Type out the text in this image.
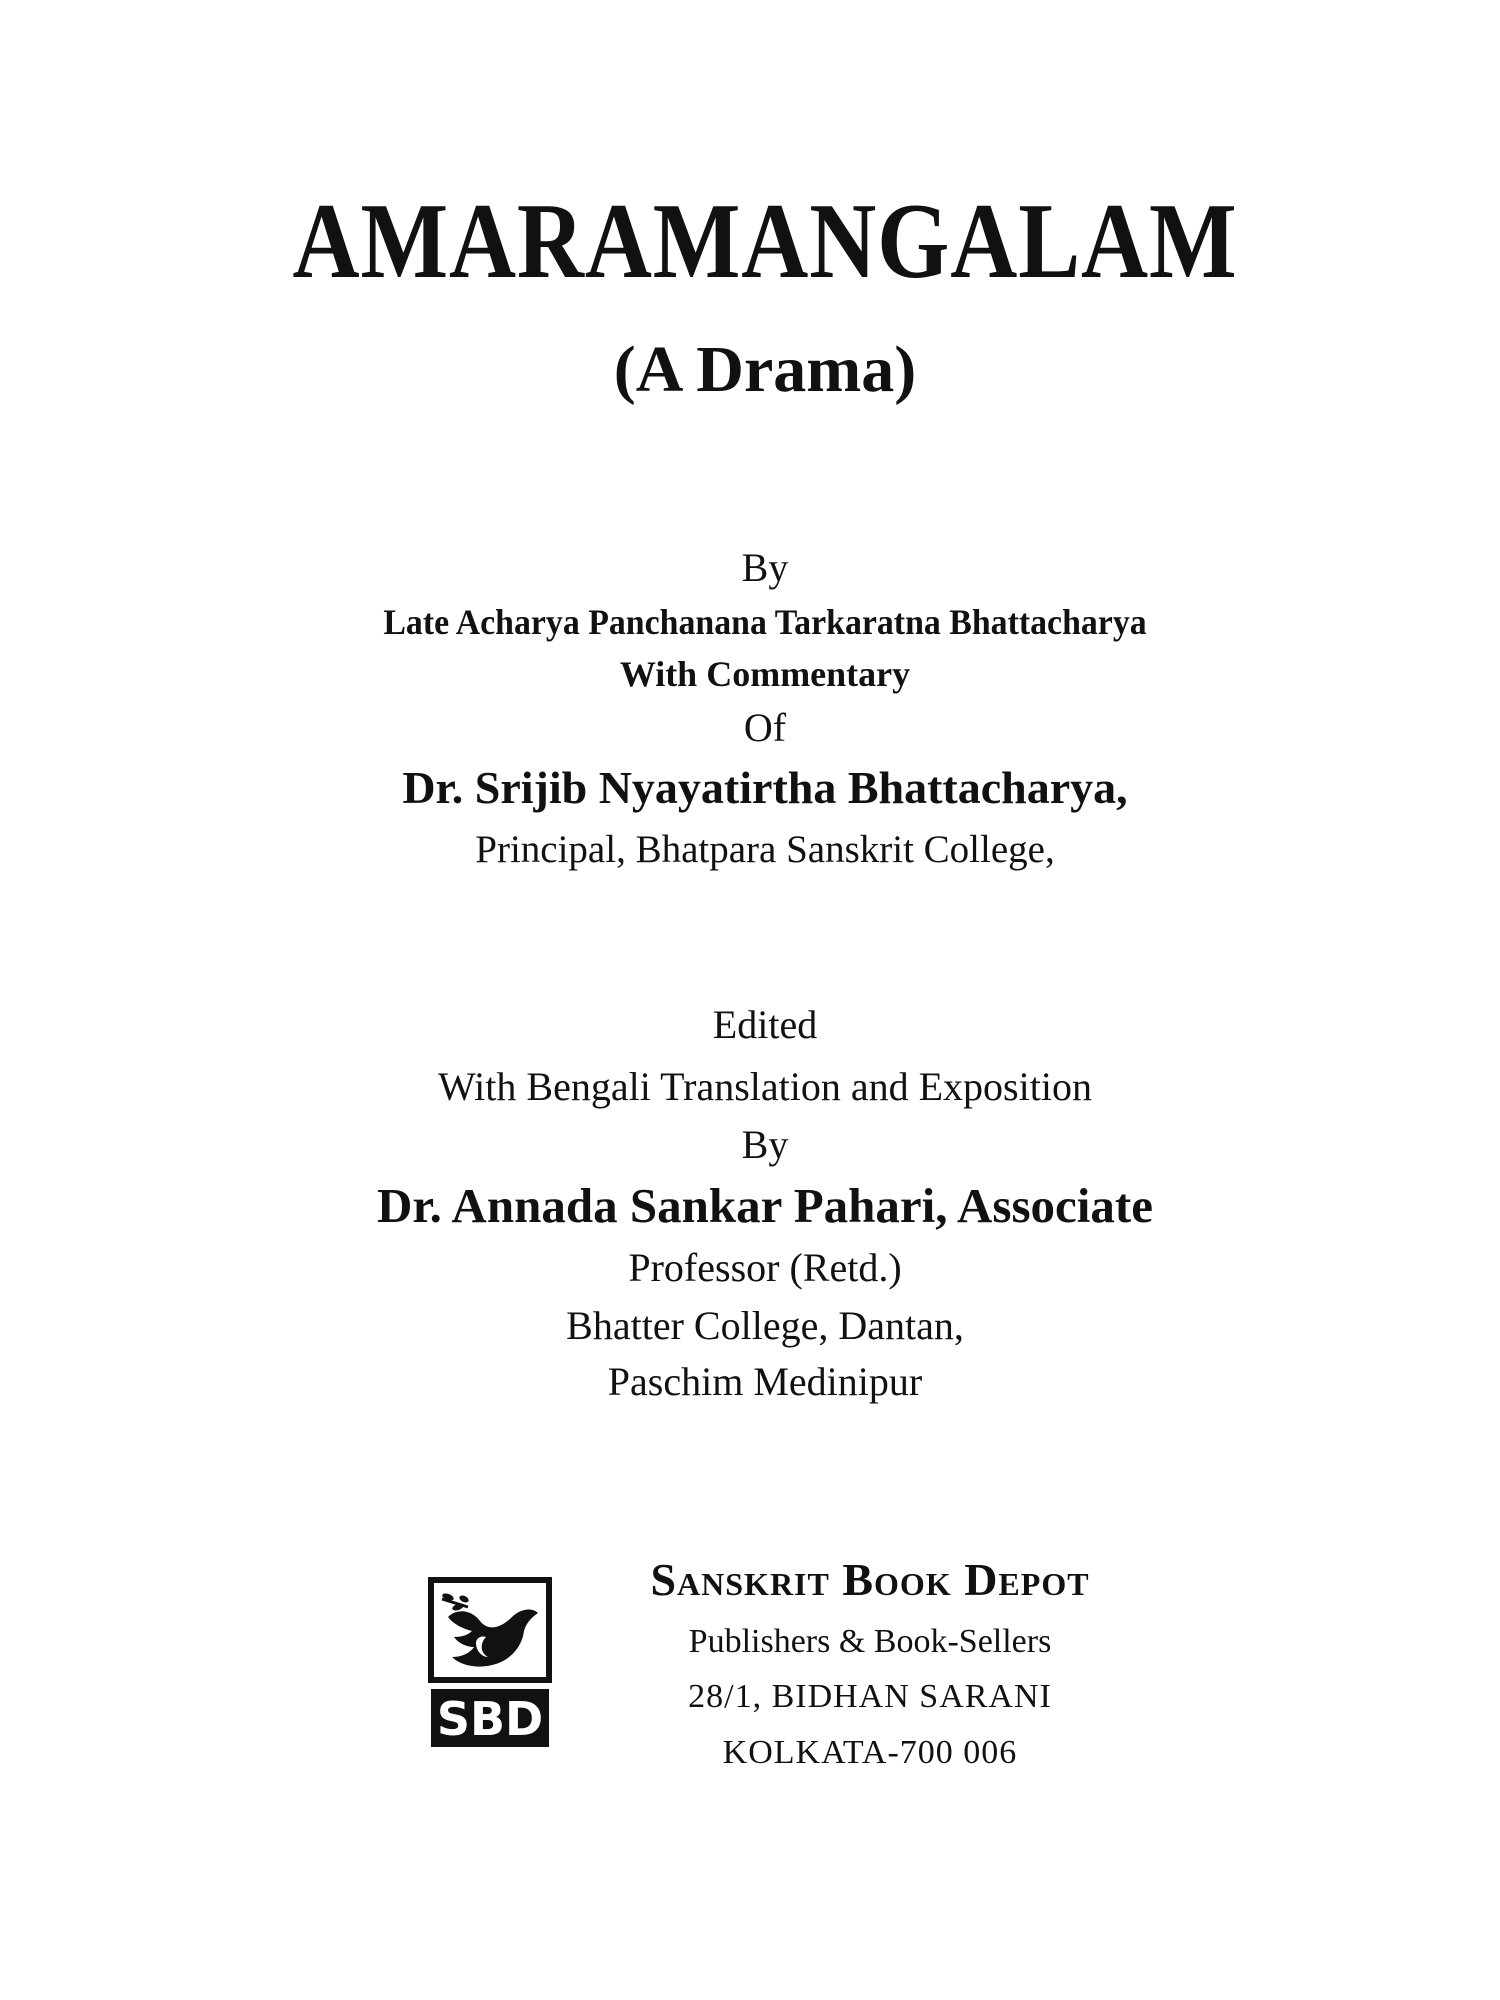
AMARAMANGALAM
(A Drama)
By
Late Acharya Panchanana Tarkaratna Bhattacharya
With Commentary
Of
Dr. Srijib Nyayatirtha Bhattacharya,
Principal, Bhatpara Sanskrit College,
Edited
With Bengali Translation and Exposition
By
Dr. Annada Sankar Pahari, Associate
Professor (Retd.)
Bhatter College, Dantan,
Paschim Medinipur
SBD
Sanskrit Book Depot
Publishers & Book-Sellers
28/1, BIDHAN SARANI
KOLKATA-700 006
